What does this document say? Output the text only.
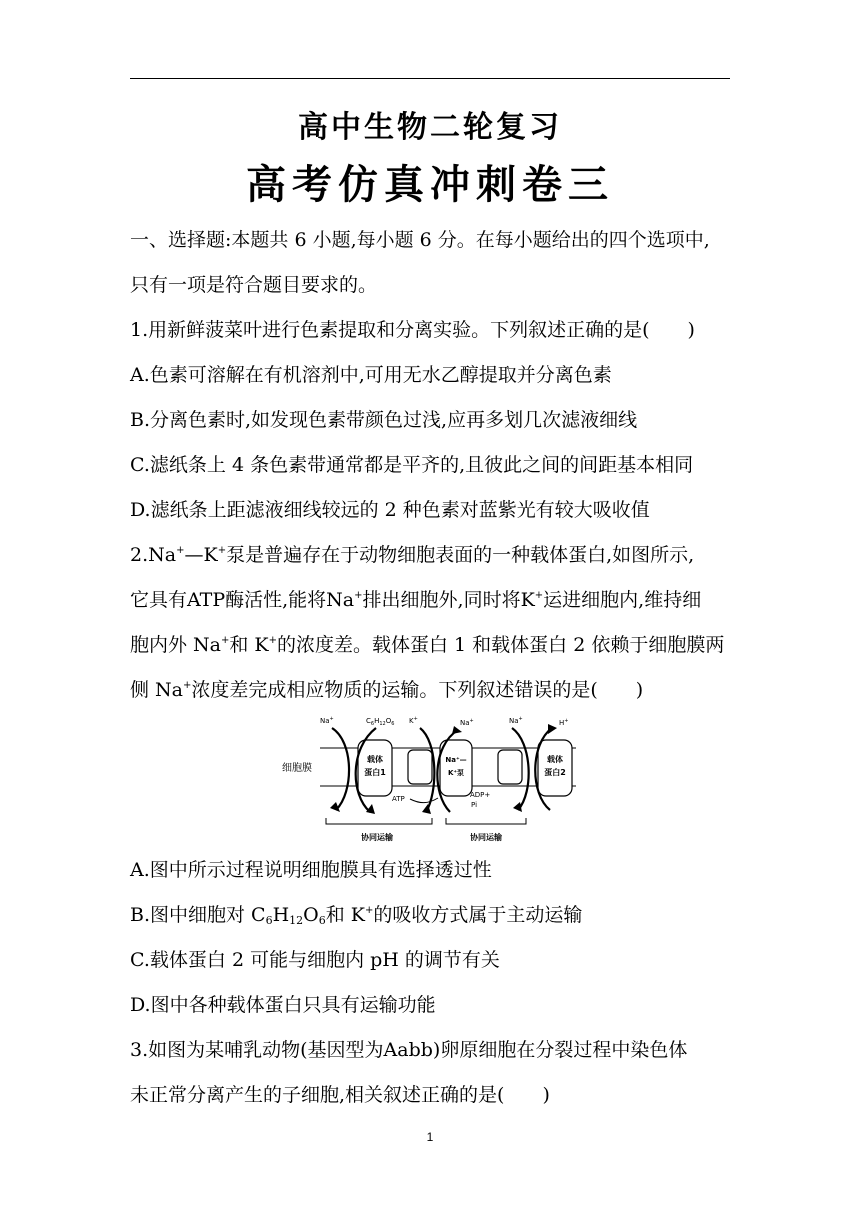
高中生物二轮复习
高考仿真冲刺卷三
一、选择题:本题共 6 小题,每小题 6 分。在每小题给出的四个选项中,
只有一项是符合题目要求的。
1.用新鲜菠菜叶进行色素提取和分离实验。下列叙述正确的是(　　)
A.色素可溶解在有机溶剂中,可用无水乙醇提取并分离色素
B.分离色素时,如发现色素带颜色过浅,应再多划几次滤液细线
C.滤纸条上 4 条色素带通常都是平齐的,且彼此之间的间距基本相同
D.滤纸条上距滤液细线较远的 2 种色素对蓝紫光有较大吸收值
2.Na+—K+泵是普遍存在于动物细胞表面的一种载体蛋白,如图所示,
它具有ATP酶活性,能将Na+排出细胞外,同时将K+运进细胞内,维持细
胞内外 Na+和 K+的浓度差。载体蛋白 1 和载体蛋白 2 依赖于细胞膜两
侧 Na+浓度差完成相应物质的运输。下列叙述错误的是(　　)
细胞膜
Na+	$C_6H_{12}O_6$ K+	Na+	Na+	H+
载体
蛋白1
Na⁺—
K⁺泵
载体
蛋白2
ATP	ADP+
Pi
协同运输	协同运输
A.图中所示过程说明细胞膜具有选择透过性
B.图中细胞对 $C_6H_{12}O_6$和 K+的吸收方式属于主动运输
C.载体蛋白 2 可能与细胞内 pH 的调节有关
D.图中各种载体蛋白只具有运输功能
3.如图为某哺乳动物(基因型为Aabb)卵原细胞在分裂过程中染色体
未正常分离产生的子细胞,相关叙述正确的是(　　)
1
